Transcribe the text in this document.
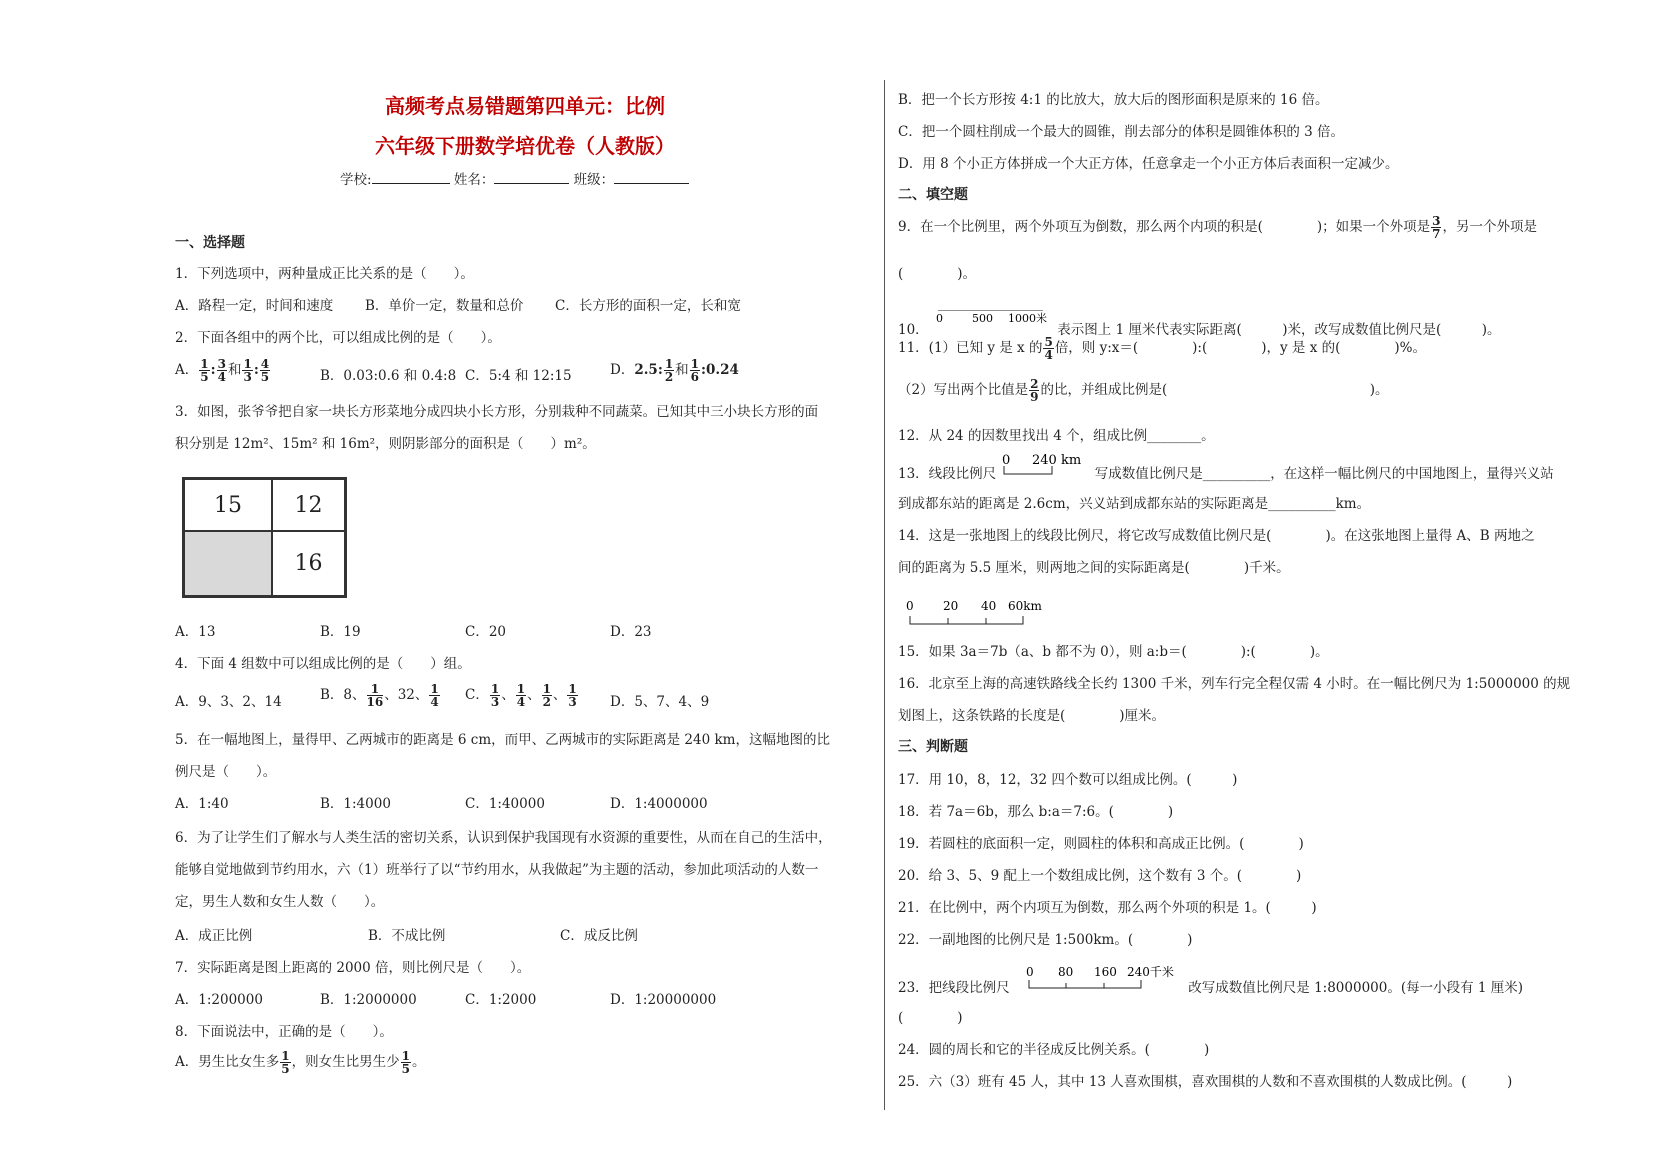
高频考点易错题第四单元：比例
六年级下册数学培优卷（人教版）
学校:	姓名：	班级：
一、选择题
1．下列选项中，两种量成正比关系的是（　　）。
A．路程一定，时间和速度 B．单价一定，数量和总价 C．长方形的面积一定，长和宽
2．下面各组中的两个比，可以组成比例的是（　　）。
A． $\frac{1}{5}$ : $\frac{3}{4}$ 和 $\frac{1}{3}$ : $\frac{4}{5}$	B．0.03:0.6 和 0.4:8 C．5:4 和 12:15	D．2.5: $\frac{1}{2}$ 和 $\frac{1}{6}$ :0.24
3．如图，张爷爷把自家一块长方形菜地分成四块小长方形，分别栽种不同蔬菜。已知其中三小块长方形的面
积分别是 12m²、15m² 和 16m²，则阴影部分的面积是（　　）m²。
A．13	B．19	C．20	D．23
4．下面 4 组数中可以组成比例的是（　　）组。
A．9、3、2、14	B．8、 $\frac{1}{16}$ 、32、 $\frac{1}{4}$ C． $\frac{1}{3}$ 、 $\frac{1}{4}$ 、 $\frac{1}{2}$ 、 $\frac{1}{3}$ D．5、7、4、9
5．在一幅地图上，量得甲、乙两城市的距离是 6 cm，而甲、乙两城市的实际距离是 240 km，这幅地图的比
例尺是（　　）。
A．1:40	B．1:4000	C．1:40000	D．1:4000000
6．为了让学生们了解水与人类生活的密切关系，认识到保护我国现有水资源的重要性，从而在自己的生活中，
能够自觉地做到节约用水，六（1）班举行了以“节约用水，从我做起”为主题的活动，参加此项活动的人数一
定，男生人数和女生人数（　　）。
A．成正比例	B．不成比例	C．成反比例
7．实际距离是图上距离的 2000 倍，则比例尺是（　　）。
A．1:200000	B．1:2000000	C．1:2000	D．1:20000000
8．下面说法中，正确的是（　　）。
A．男生比女生多 $\frac{1}{5}$ ，则女生比男生少 $\frac{1}{5}$ 。
15	12
16
B．把一个长方形按 4:1 的比放大，放大后的图形面积是原来的 16 倍。
C．把一个圆柱削成一个最大的圆锥，削去部分的体积是圆锥体积的 3 倍。
D．用 8 个小正方体拼成一个大正方体，任意拿走一个小正方体后表面积一定减少。
二、填空题
9．在一个比例里，两个外项互为倒数，那么两个内项的积是(　　　　)；如果一个外项是 $\frac{3}{7}$ ，另一个外项是
(　　　　)。
10．
0	500 1000米
表示图上 1 厘米代表实际距离(　　　)米，改写成数值比例尺是(　　　)。
11．(1）已知 y 是 x 的 $\frac{5}{4}$ 倍，则 y:x＝(　　　　):(　　　　)，y 是 x 的(　　　　)%。
（2）写出两个比值是 $\frac{2}{9}$ 的比，并组成比例是(　　　　　　　　　　　　　　　)。
12．从 24 的因数里找出 4 个，组成比例________。
13．线段比例尺
0 240 km
写成数值比例尺是__________，在这样一幅比例尺的中国地图上，量得兴义站
到成都东站的距离是 2.6cm，兴义站到成都东站的实际距离是__________km。
14．这是一张地图上的线段比例尺，将它改写成数值比例尺是(　　　　)。在这张地图上量得 A、B 两地之
间的距离为 5.5 厘米，则两地之间的实际距离是(　　　　)千米。
0 20 40 60km
15．如果 3a＝7b（a、b 都不为 0），则 a:b＝(　　　　):(　　　　)。
16．北京至上海的高速铁路线全长约 1300 千米，列车行完全程仅需 4 小时。在一幅比例尺为 1:5000000 的规
划图上，这条铁路的长度是(　　　　)厘米。
三、判断题
17．用 10，8，12，32 四个数可以组成比例。(　　　)
18．若 7a＝6b，那么 b:a＝7:6。(　　　　)
19．若圆柱的底面积一定，则圆柱的体积和高成正比例。(　　　　)
20．给 3、5、9 配上一个数组成比例，这个数有 3 个。(　　　　)
21．在比例中，两个内项互为倒数，那么两个外项的积是 1。(　　　)
22．一副地图的比例尺是 1:500km。(　　　　)
23．把线段比例尺
0 80 160 240千米
改写成数值比例尺是 1:8000000。(每一小段有 1 厘米)
(　　　　)
24．圆的周长和它的半径成反比例关系。(　　　　)
25．六（3）班有 45 人，其中 13 人喜欢围棋，喜欢围棋的人数和不喜欢围棋的人数成比例。(　　　)
